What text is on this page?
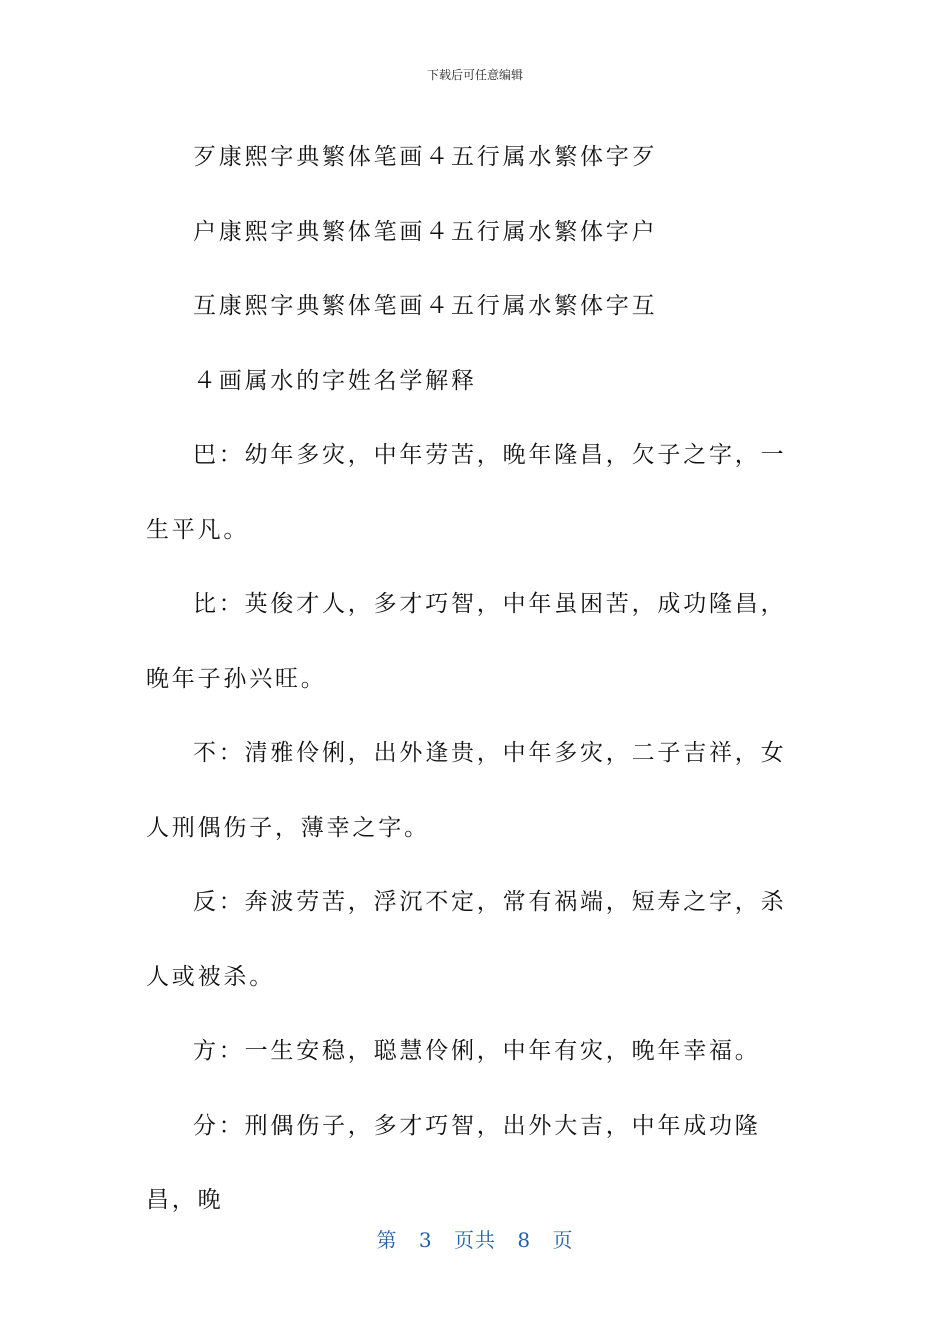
下载后可任意编辑

歹康熙字典繁体笔画４五行属水繁体字歹

户康熙字典繁体笔画４五行属水繁体字户

互康熙字典繁体笔画４五行属水繁体字互

４画属水的字姓名学解释

巴：幼年多灾，中年劳苦，晚年隆昌，欠子之字，一生平凡。

比：英俊才人，多才巧智，中年虽困苦，成功隆昌，晚年子孙兴旺。

不：清雅伶俐，出外逢贵，中年多灾，二子吉祥，女人刑偶伤子，薄幸之字。

反：奔波劳苦，浮沉不定，常有祸端，短寿之字，杀人或被杀。

方：一生安稳，聪慧伶俐，中年有灾，晚年幸福。

分：刑偶伤子，多才巧智，出外大吉，中年成功隆昌，晚

第 3 页共 8 页
